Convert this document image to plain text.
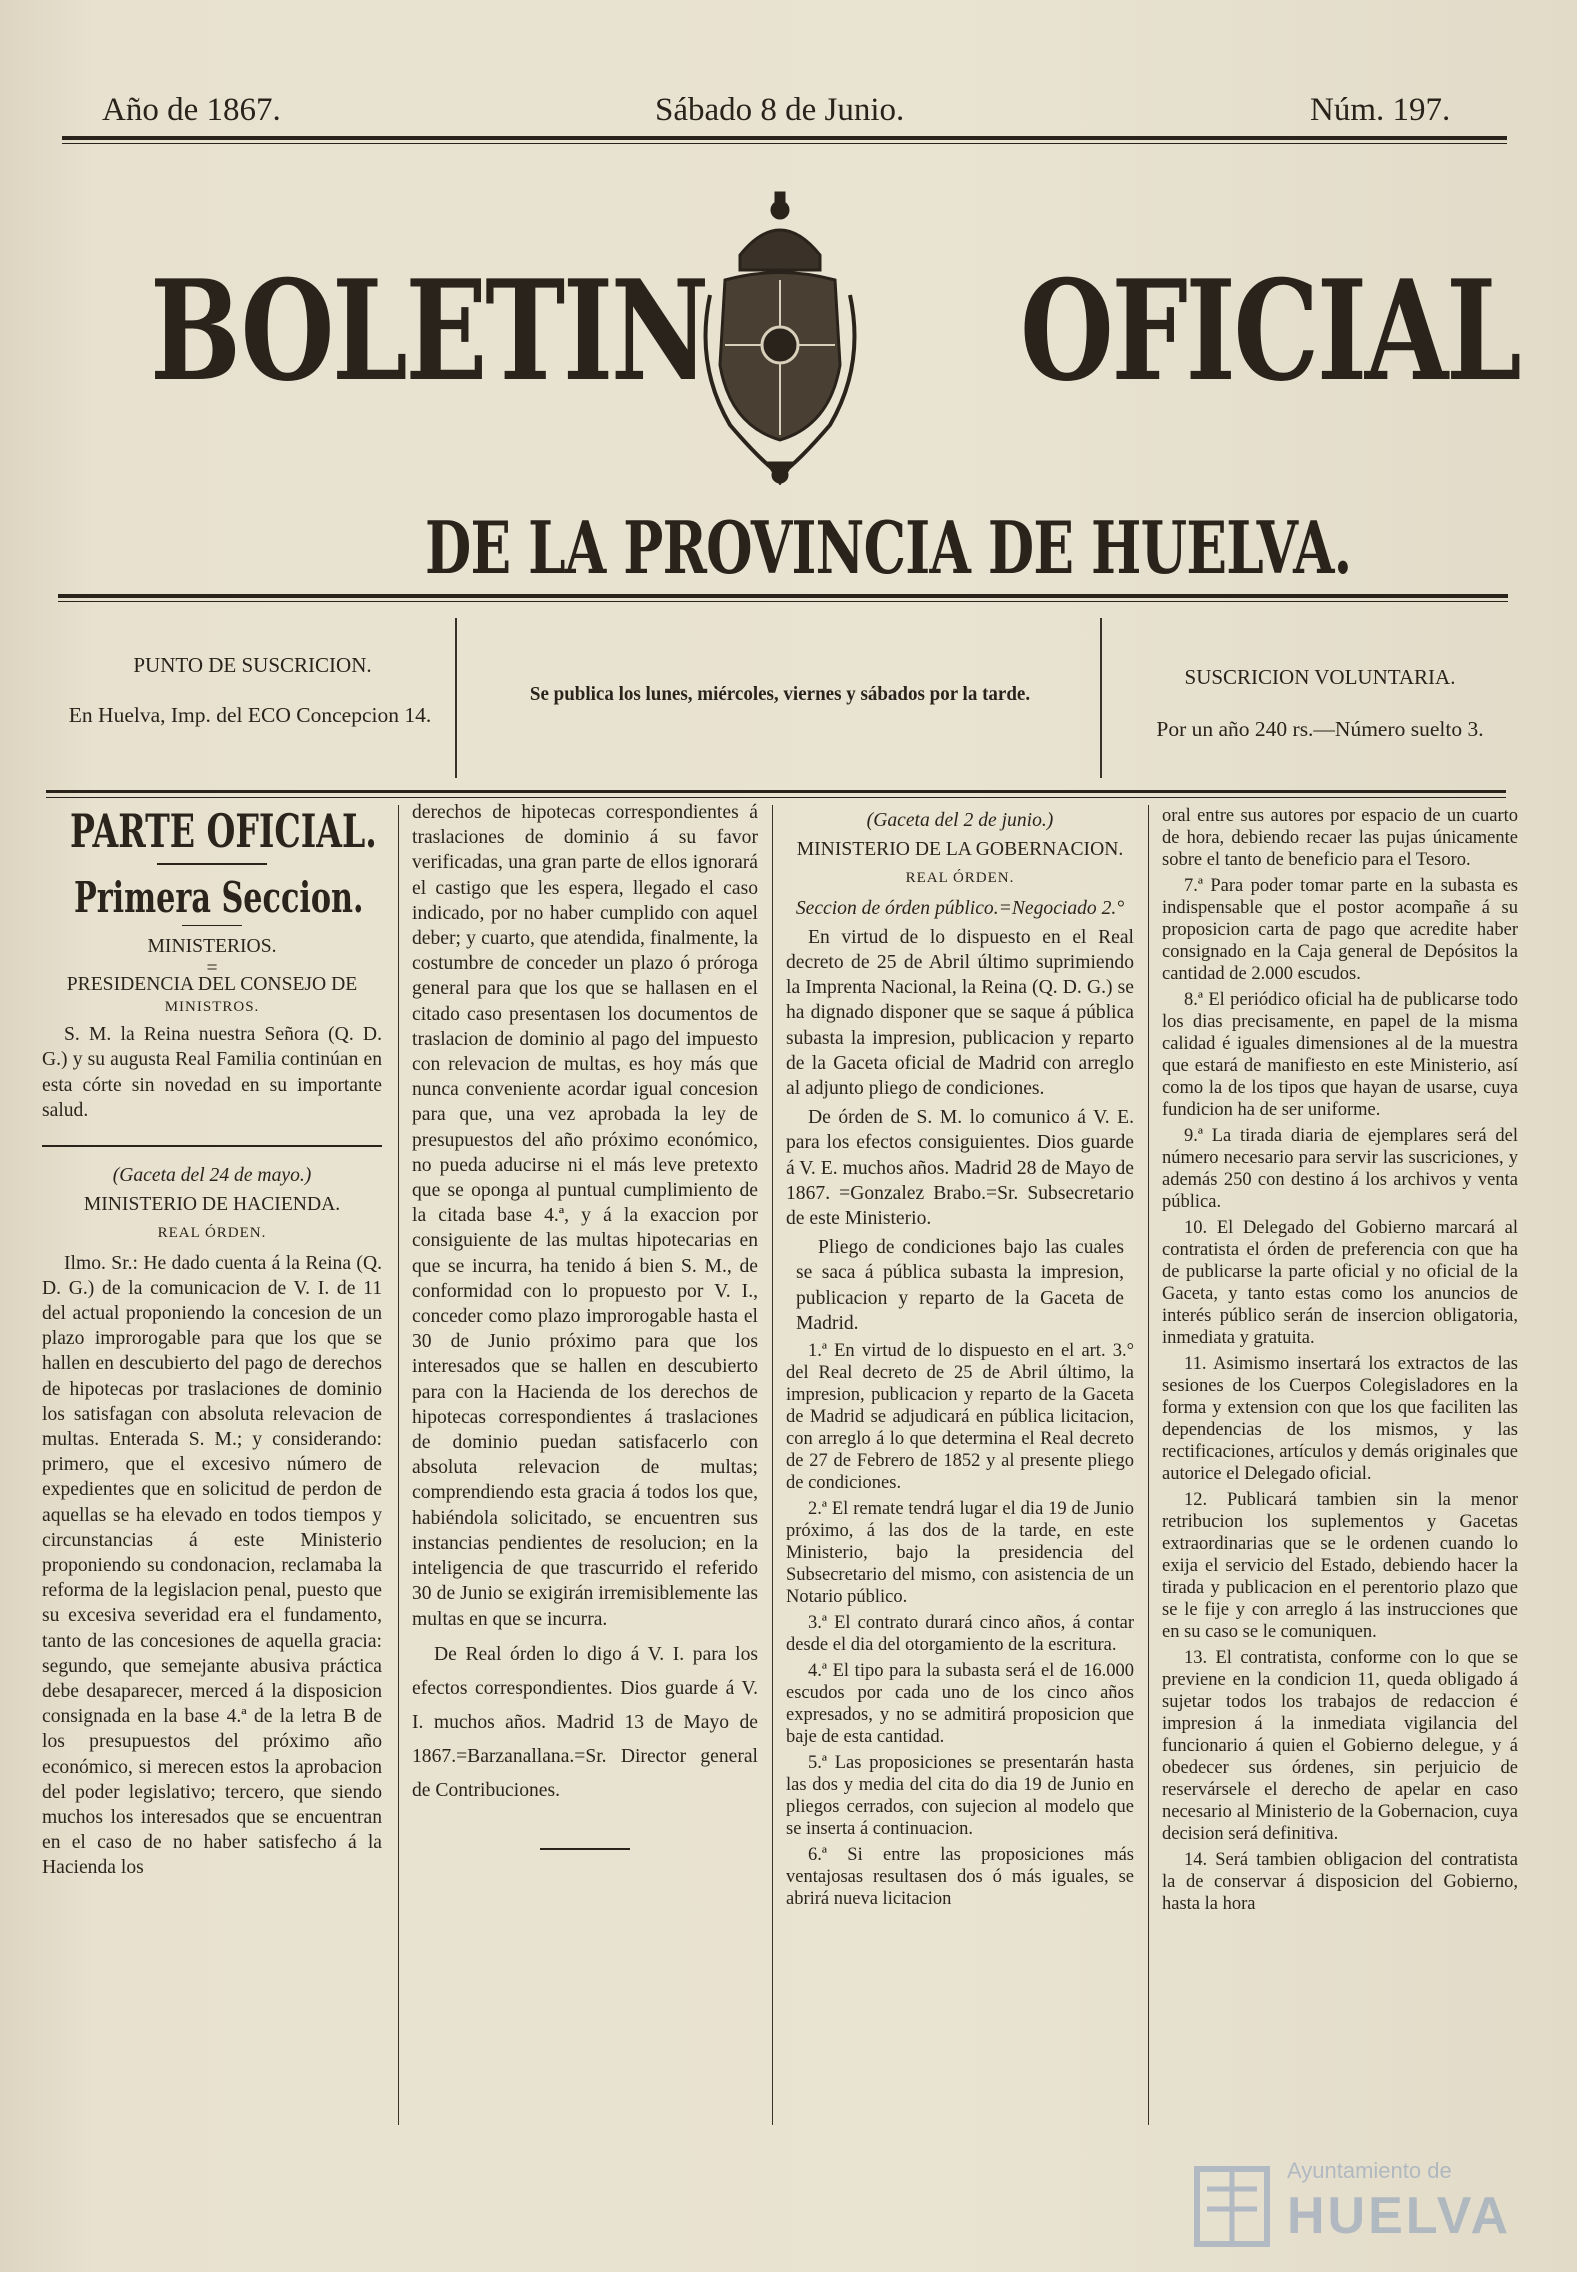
Año de 1867.	Sábado 8 de Junio.	Núm. 197.
BOLETIN OFICIAL
DE LA PROVINCIA DE HUELVA.
PUNTO DE SUSCRICION.
En Huelva, Imp. del ECO Concepcion 14.
Se publica los lunes, miércoles, viernes y sábados por la tarde.
SUSCRICION VOLUNTARIA.
Por un año 240 rs.—Número suelto 3.
PARTE OFICIAL.
Primera Seccion.

MINISTERIOS.

=

PRESIDENCIA DEL CONSEJO DE

MINISTROS.

S. M. la Reina nuestra Señora (Q. D. G.) y su augusta Real Familia continúan en esta córte sin novedad en su importante salud.

(Gaceta del 24 de mayo.)

MINISTERIO DE HACIENDA.

REAL ÓRDEN.

Ilmo. Sr.: He dado cuenta á la Reina (Q. D. G.) de la comunicacion de V. I. de 11 del actual proponiendo la concesion de un plazo improrogable para que los que se hallen en descubierto del pago de derechos de hipotecas por traslaciones de dominio los satisfagan con absoluta relevacion de multas. Enterada S. M.; y considerando: primero, que el excesivo número de expedientes que en solicitud de perdon de aquellas se ha elevado en todos tiempos y circunstancias á este Ministerio proponiendo su condonacion, reclamaba la reforma de la legislacion penal, puesto que su excesiva severidad era el fundamento, tanto de las concesiones de aquella gracia: segundo, que semejante abusiva práctica debe desaparecer, merced á la disposicion consignada en la base 4.ª de la letra B de los presupuestos del próximo año económico, si merecen estos la aprobacion del poder legislativo; tercero, que siendo muchos los interesados que se encuentran en el caso de no haber satisfecho á la Hacienda los

derechos de hipotecas correspondientes á traslaciones de dominio á su favor verificadas, una gran parte de ellos ignorará el castigo que les espera, llegado el caso indicado, por no haber cumplido con aquel deber; y cuarto, que atendida, finalmente, la costumbre de conceder un plazo ó próroga general para que los que se hallasen en el citado caso presentasen los documentos de traslacion de dominio al pago del impuesto con relevacion de multas, es hoy más que nunca conveniente acordar igual concesion para que, una vez aprobada la ley de presupuestos del año próximo económico, no pueda aducirse ni el más leve pretexto que se oponga al puntual cumplimiento de la citada base 4.ª, y á la exaccion por consiguiente de las multas hipotecarias en que se incurra, ha tenido á bien S. M., de conformidad con lo propuesto por V. I., conceder como plazo improrogable hasta el 30 de Junio próximo para que los interesados que se hallen en descubierto para con la Hacienda de los derechos de hipotecas correspondientes á traslaciones de dominio puedan satisfacerlo con absoluta relevacion de multas; comprendiendo esta gracia á todos los que, habiéndola solicitado, se encuentren sus instancias pendientes de resolucion; en la inteligencia de que trascurrido el referido 30 de Junio se exigirán irremisiblemente las multas en que se incurra.

De Real órden lo digo á V. I. para los efectos correspondientes. Dios guarde á V. I. muchos años. Madrid 13 de Mayo de 1867.=Barzanallana.=Sr. Director general de Contribuciones.

(Gaceta del 2 de junio.)

MINISTERIO DE LA GOBERNACION.

REAL ÓRDEN.

Seccion de órden público.=Negociado 2.°

En virtud de lo dispuesto en el Real decreto de 25 de Abril último suprimiendo la Imprenta Nacional, la Reina (Q. D. G.) se ha dignado disponer que se saque á pública subasta la impresion, publicacion y reparto de la Gaceta oficial de Madrid con arreglo al adjunto pliego de condiciones.

De órden de S. M. lo comunico á V. E. para los efectos consiguientes. Dios guarde á V. E. muchos años. Madrid 28 de Mayo de 1867. =Gonzalez Brabo.=Sr. Subsecretario de este Ministerio.

Pliego de condiciones bajo las cuales se saca á pública subasta la impresion, publicacion y reparto de la Gaceta de Madrid.

1.ª En virtud de lo dispuesto en el art. 3.° del Real decreto de 25 de Abril último, la impresion, publicacion y reparto de la Gaceta de Madrid se adjudicará en pública licitacion, con arreglo á lo que determina el Real decreto de 27 de Febrero de 1852 y al presente pliego de condiciones.

2.ª El remate tendrá lugar el dia 19 de Junio próximo, á las dos de la tarde, en este Ministerio, bajo la presidencia del Subsecretario del mismo, con asistencia de un Notario público.

3.ª El contrato durará cinco años, á contar desde el dia del otorgamiento de la escritura.

4.ª El tipo para la subasta será el de 16.000 escudos por cada uno de los cinco años expresados, y no se admitirá proposicion que baje de esta cantidad.

5.ª Las proposiciones se presentarán hasta las dos y media del cita do dia 19 de Junio en pliegos cerrados, con sujecion al modelo que se inserta á continuacion.

6.ª Si entre las proposiciones más ventajosas resultasen dos ó más iguales, se abrirá nueva licitacion

oral entre sus autores por espacio de un cuarto de hora, debiendo recaer las pujas únicamente sobre el tanto de beneficio para el Tesoro.

7.ª Para poder tomar parte en la subasta es indispensable que el postor acompañe á su proposicion carta de pago que acredite haber consignado en la Caja general de Depósitos la cantidad de 2.000 escudos.

8.ª El periódico oficial ha de publicarse todo los dias precisamente, en papel de la misma calidad é iguales dimensiones al de la muestra que estará de manifiesto en este Ministerio, así como la de los tipos que hayan de usarse, cuya fundicion ha de ser uniforme.

9.ª La tirada diaria de ejemplares será del número necesario para servir las suscriciones, y además 250 con destino á los archivos y venta pública.

10. El Delegado del Gobierno marcará al contratista el órden de preferencia con que ha de publicarse la parte oficial y no oficial de la Gaceta, y tanto estas como los anuncios de interés público serán de insercion obligatoria, inmediata y gratuita.

11. Asimismo insertará los extractos de las sesiones de los Cuerpos Colegisladores en la forma y extension con que los que faciliten las dependencias de los mismos, y las rectificaciones, artículos y demás originales que autorice el Delegado oficial.

12. Publicará tambien sin la menor retribucion los suplementos y Gacetas extraordinarias que se le ordenen cuando lo exija el servicio del Estado, debiendo hacer la tirada y publicacion en el perentorio plazo que se le fije y con arreglo á las instrucciones que en su caso se le comuniquen.

13. El contratista, conforme con lo que se previene en la condicion 11, queda obligado á sujetar todos los trabajos de redaccion é impresion á la inmediata vigilancia del funcionario á quien el Gobierno delegue, y á obedecer sus órdenes, sin perjuicio de reservársele el derecho de apelar en caso necesario al Ministerio de la Gobernacion, cuya decision será definitiva.

14. Será tambien obligacion del contratista la de conservar á disposicion del Gobierno, hasta la hora

Ayuntamiento de
HUELVA
